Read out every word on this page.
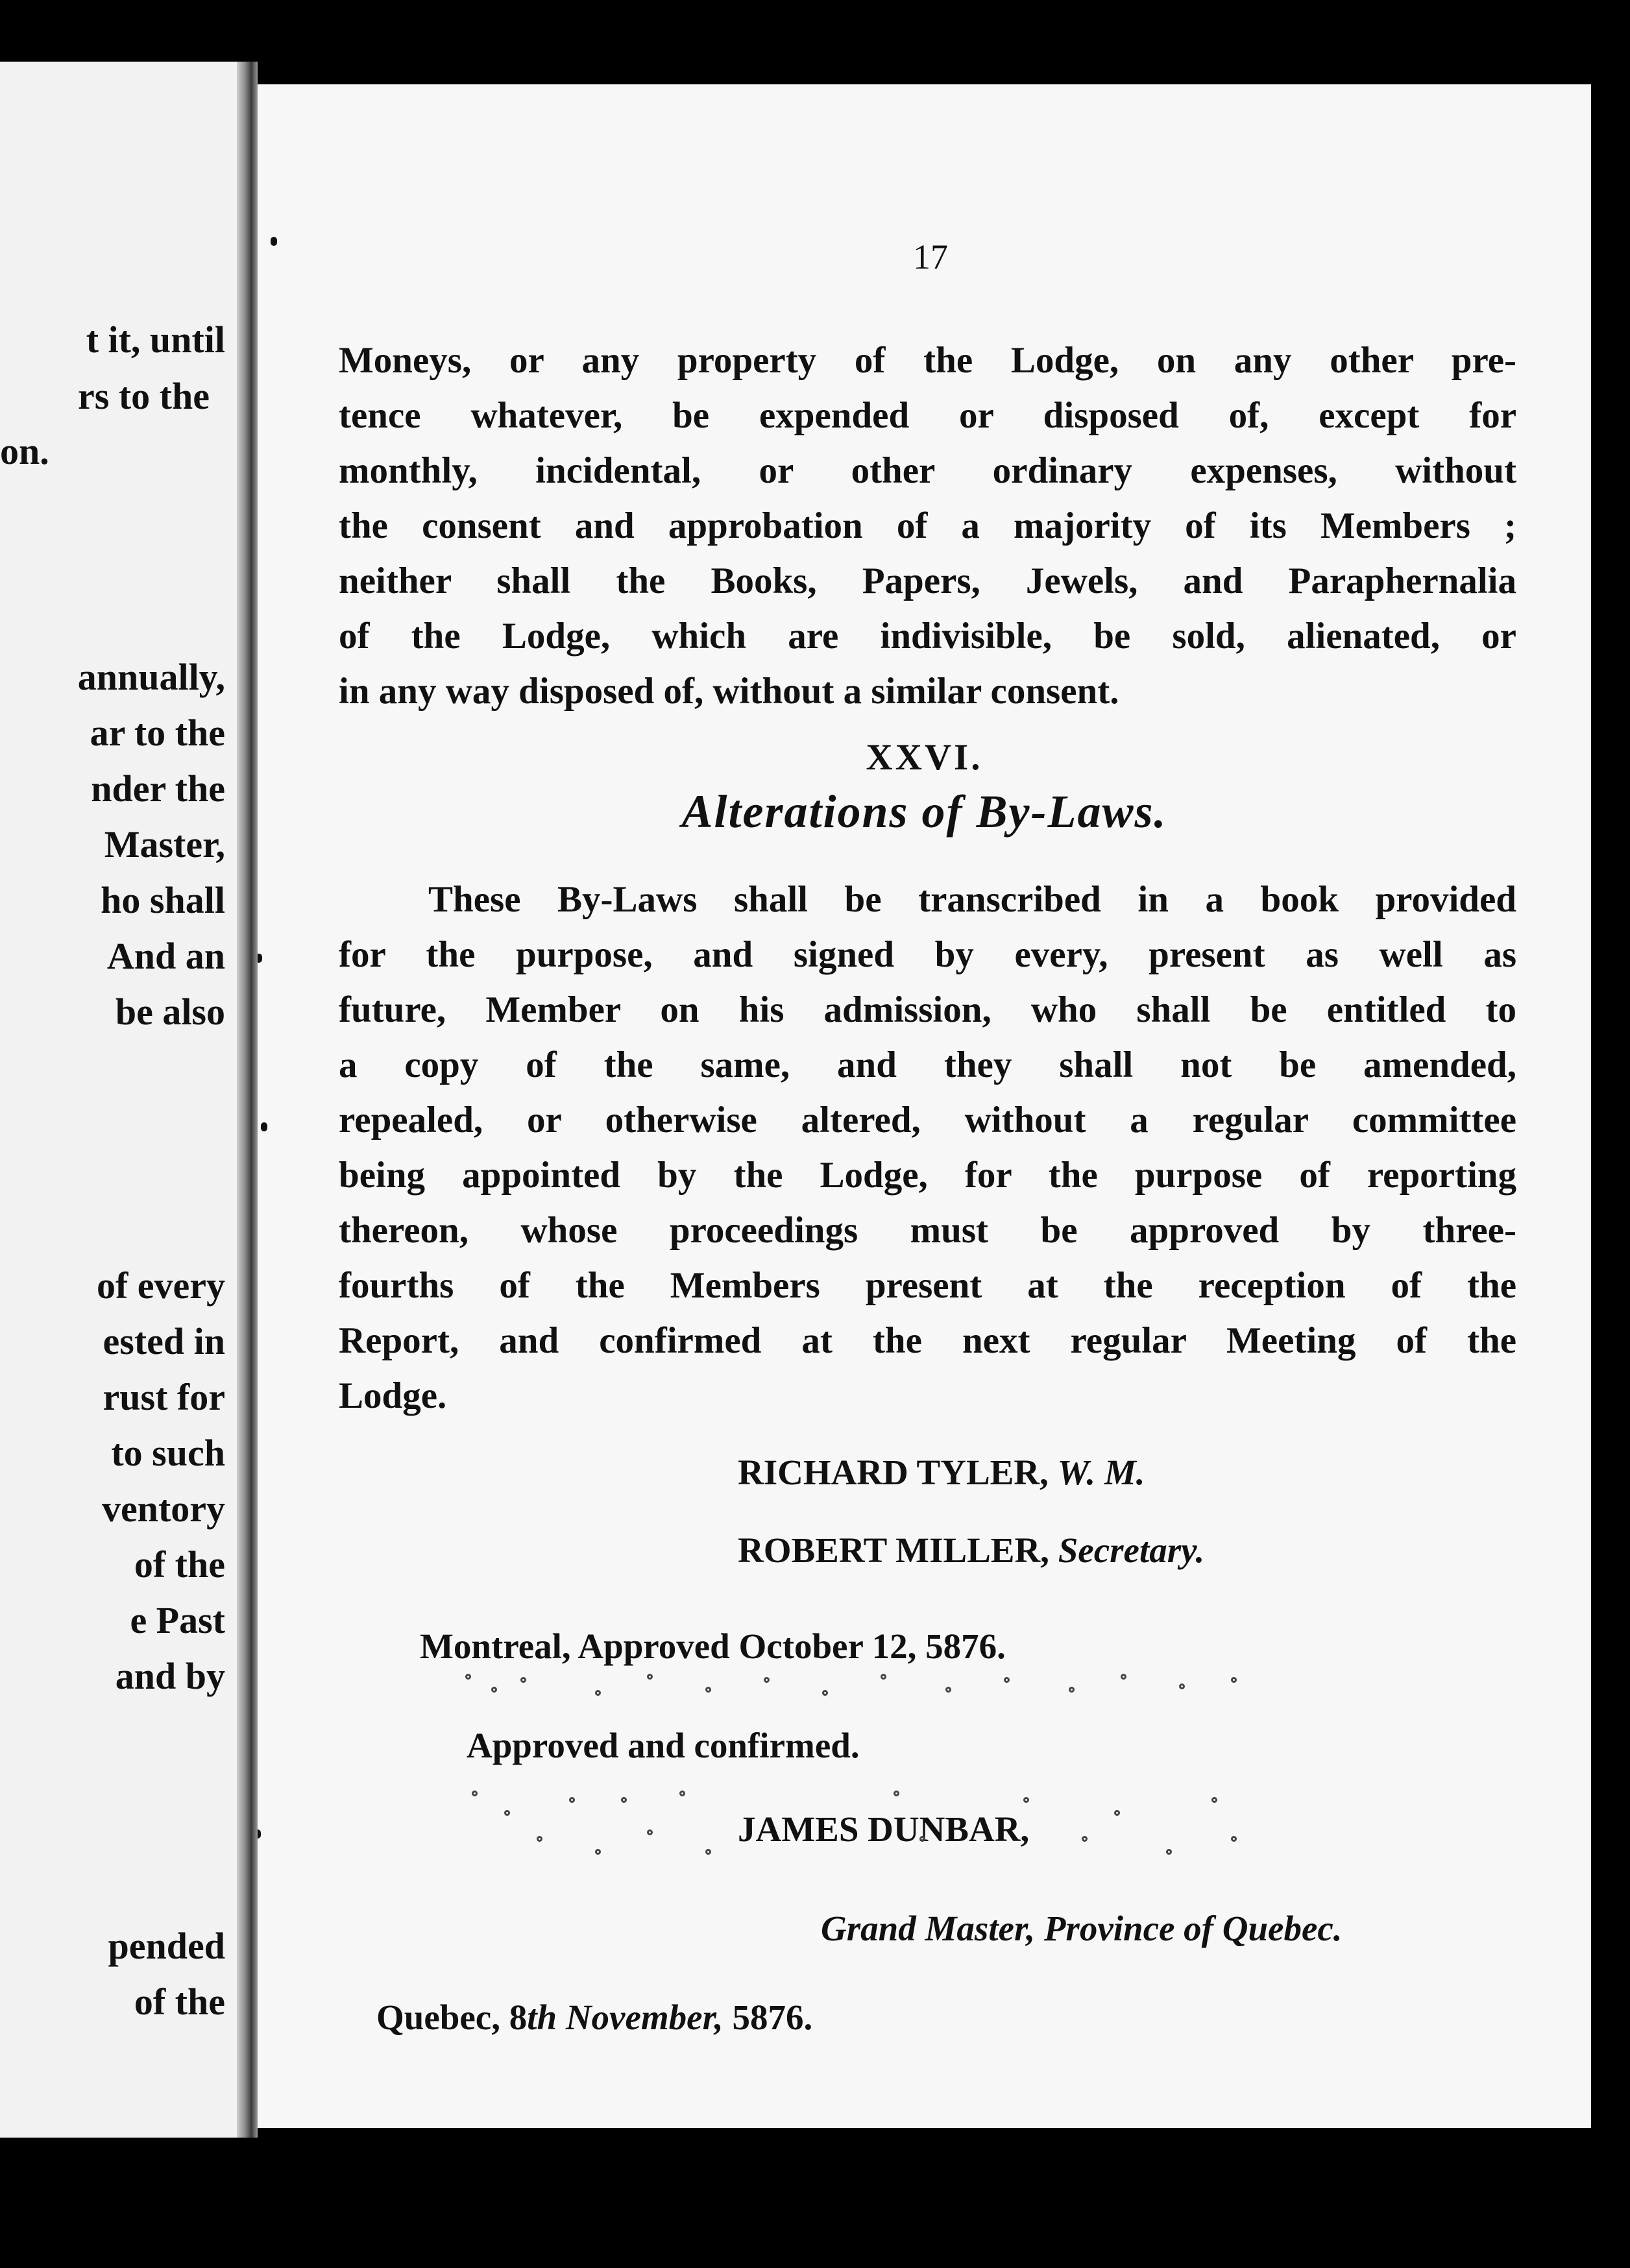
t it, until
rs to the
on.
annually,
ar to the
nder the
Master,
ho shall
And an
be also
of every
ested in
rust for
to such
ventory
of the
e Past
and by
pended
of the
17
Moneys, or any property of the Lodge, on any other pre-
tence whatever, be expended or disposed of, except for
monthly, incidental, or other ordinary expenses, without
the consent and approbation of a majority of its Members ;
neither shall the Books, Papers, Jewels, and Paraphernalia
of the Lodge, which are indivisible, be sold, alienated, or
in any way disposed of, without a similar consent.
XXVI.
Alterations of By-Laws.
These By-Laws shall be transcribed in a book provided
for the purpose, and signed by every, present as well as
future, Member on his admission, who shall be entitled to
a copy of the same, and they shall not be amended,
repealed, or otherwise altered, without a regular committee
being appointed by the Lodge, for the purpose of reporting
thereon, whose proceedings must be approved by three-
fourths of the Members present at the reception of the
Report, and confirmed at the next regular Meeting of the
Lodge.
RICHARD TYLER, W. M.
ROBERT MILLER, Secretary.
Montreal, Approved October 12, 5876.
Approved and confirmed.
JAMES DUNBAR,
Grand Master, Province of Quebec.
Quebec, 8th November, 5876.
